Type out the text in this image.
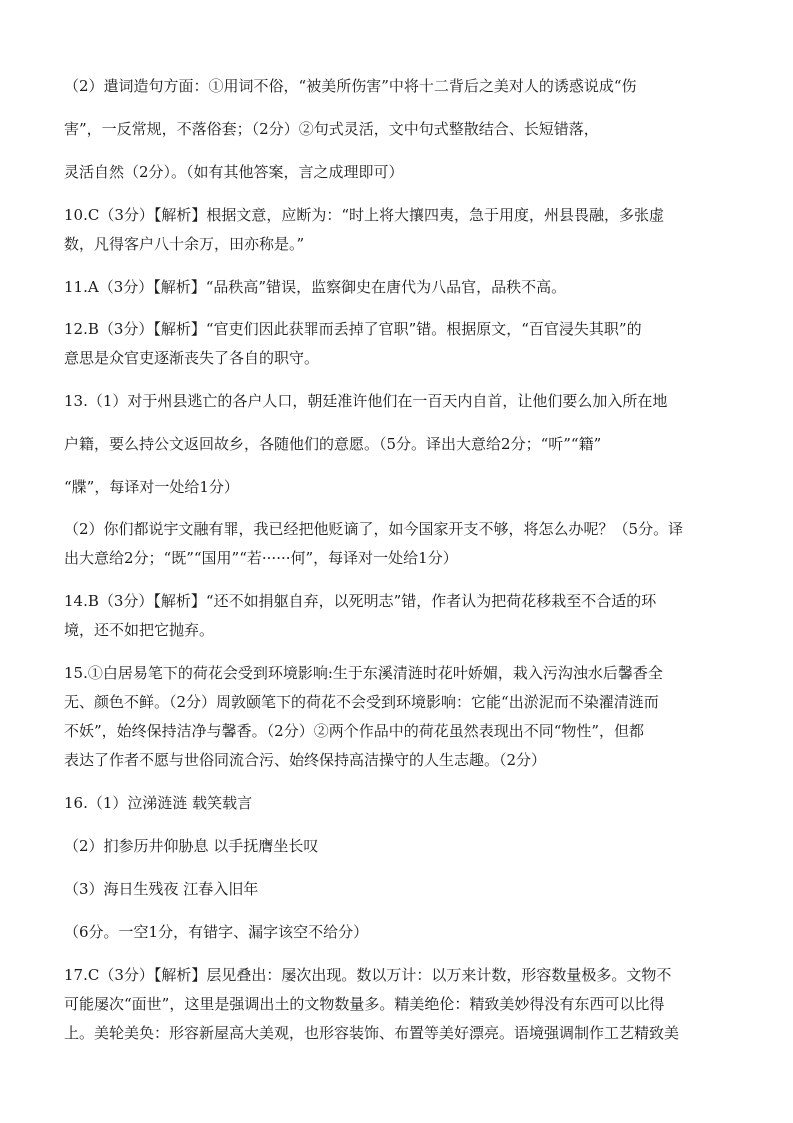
（2）遣词造句方面：①用词不俗，“被美所伤害”中将十二背后之美对人的诱惑说成“伤
害”，一反常规，不落俗套；（2分）②句式灵活，文中句式整散结合、长短错落，
灵活自然（2分）。（如有其他答案，言之成理即可）
10.C（3分）【解析】根据文意，应断为：“时上将大攘四夷，急于用度，州县畏融，多张虚
数，凡得客户八十余万，田亦称是。”
11.A（3分）【解析】“品秩高”错误，监察御史在唐代为八品官，品秩不高。
12.B（3分）【解析】“官吏们因此获罪而丢掉了官职”错。根据原文，“百官浸失其职”的
意思是众官吏逐渐丧失了各自的职守。
13.（1）对于州县逃亡的各户人口，朝廷准许他们在一百天内自首，让他们要么加入所在地
户籍，要么持公文返回故乡，各随他们的意愿。（5分。译出大意给2分；“听”“籍”
“牒”，每译对一处给1分）
（2）你们都说宇文融有罪，我已经把他贬谪了，如今国家开支不够，将怎么办呢？（5分。译
出大意给2分；“既”“国用”“若······何”，每译对一处给1分）
14.B（3分）【解析】“还不如捐躯自弃，以死明志”错，作者认为把荷花移栽至不合适的环
境，还不如把它抛弃。
15.①白居易笔下的荷花会受到环境影响:生于东溪清涟时花叶娇媚，栽入污沟浊水后馨香全
无、颜色不鲜。（2分）周敦颐笔下的荷花不会受到环境影响：它能“出淤泥而不染濯清涟而
不妖”，始终保持洁净与馨香。（2分）②两个作品中的荷花虽然表现出不同“物性”，但都
表达了作者不愿与世俗同流合污、始终保持高洁操守的人生志趣。（2分）
16.（1）泣涕涟涟 载笑载言
（2）扪参历井仰胁息 以手抚膺坐长叹
（3）海日生残夜 江春入旧年
（6分。一空1分，有错字、漏字该空不给分）
17.C（3分）【解析】层见叠出：屡次出现。数以万计：以万来计数，形容数量极多。文物不
可能屡次“面世”，这里是强调出土的文物数量多。精美绝伦：精致美妙得没有东西可以比得
上。美轮美奂：形容新屋高大美观，也形容装饰、布置等美好漂亮。语境强调制作工艺精致美
